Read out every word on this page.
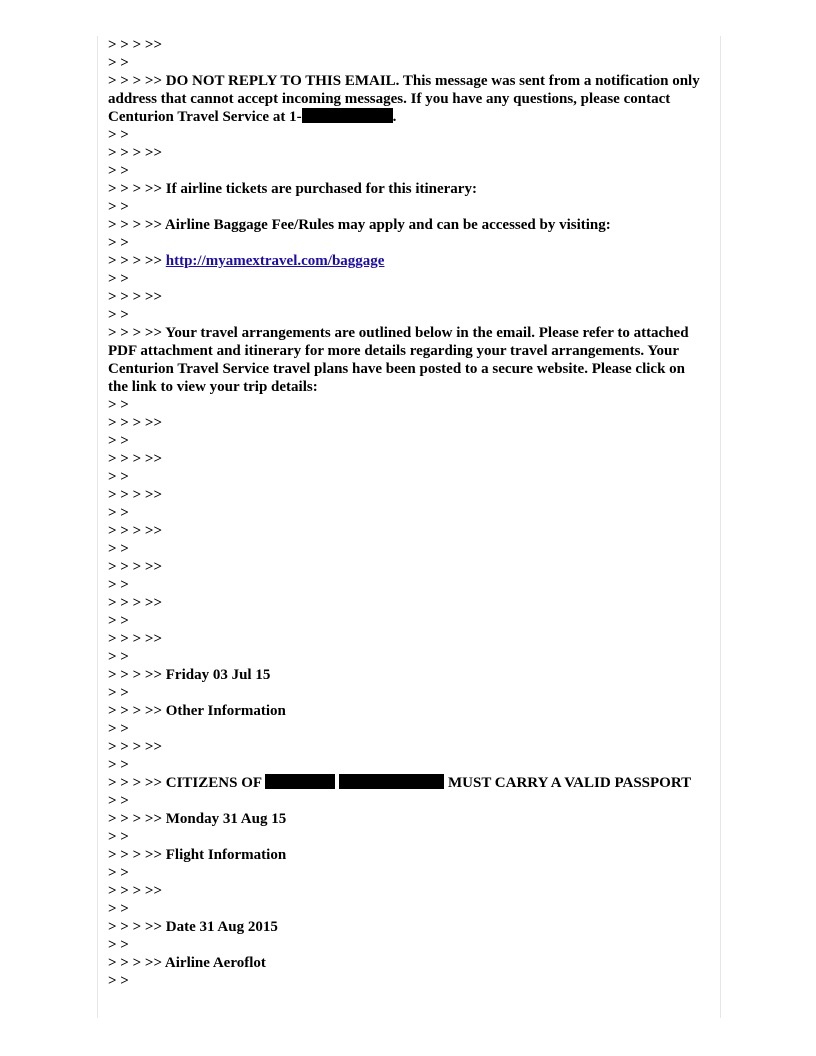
> > > >>

> >

> > > >> DO NOT REPLY TO THIS EMAIL. This message was sent from a notification only address that cannot accept incoming messages. If you have any questions, please contact Centurion Travel Service at 1-	.

> >

> > > >>

> >

> > > >> If airline tickets are purchased for this itinerary:

> >

> > > >> Airline Baggage Fee/Rules may apply and can be accessed by visiting:

> >

> > > >> http://myamextravel.com/baggage

> >

> > > >>

> >

> > > >> Your travel arrangements are outlined below in the email. Please refer to attached PDF attachment and itinerary for more details regarding your travel arrangements. Your Centurion Travel Service travel plans have been posted to a secure website. Please click on the link to view your trip details:

> >

> > > >>

> >

> > > >>

> >

> > > >>

> >

> > > >>

> >

> > > >>

> >

> > > >>

> >

> > > >>

> >

> > > >> Friday 03 Jul 15

> >

> > > >> Other Information

> >

> > > >>

> >

> > > >> CITIZENS OF	MUST CARRY A VALID PASSPORT

> >

> > > >> Monday 31 Aug 15

> >

> > > >> Flight Information

> >

> > > >>

> >

> > > >> Date 31 Aug 2015

> >

> > > >> Airline Aeroflot

> >
